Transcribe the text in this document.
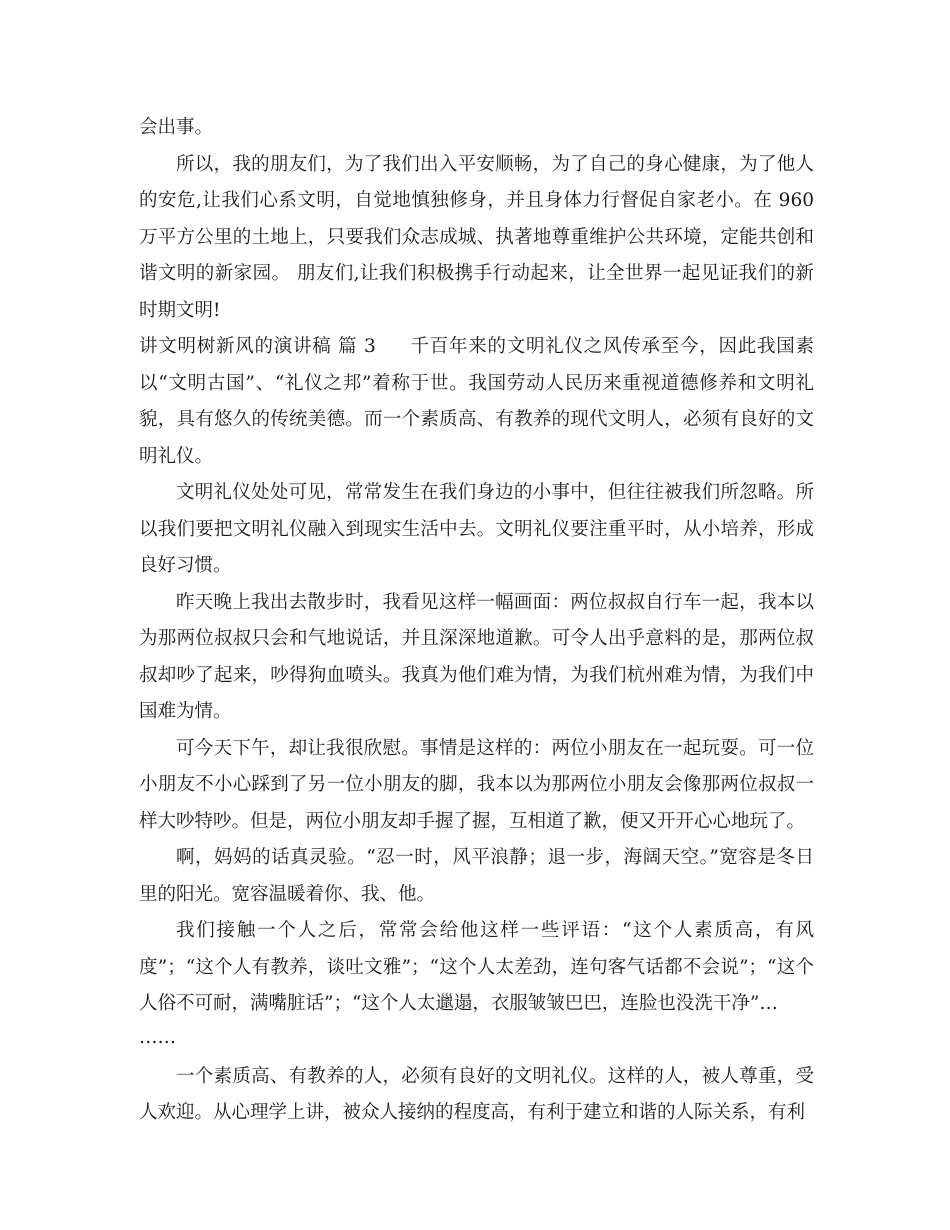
会出事。

所以，我的朋友们，为了我们出入平安顺畅，为了自己的身心健康，为了他人的安危,让我们心系文明，自觉地慎独修身，并且身体力行督促自家老小。在 960 万平方公里的土地上，只要我们众志成城、执著地尊重维护公共环境，定能共创和谐文明的新家园。 朋友们,让我们积极携手行动起来，让全世界一起见证我们的新时期文明!

讲文明树新风的演讲稿 篇 3 千百年来的文明礼仪之风传承至今，因此我国素以“文明古国”、“礼仪之邦”着称于世。我国劳动人民历来重视道德修养和文明礼貌，具有悠久的传统美德。而一个素质高、有教养的现代文明人，必须有良好的文明礼仪。

文明礼仪处处可见，常常发生在我们身边的小事中，但往往被我们所忽略。所以我们要把文明礼仪融入到现实生活中去。文明礼仪要注重平时，从小培养，形成良好习惯。

昨天晚上我出去散步时，我看见这样一幅画面：两位叔叔自行车一起，我本以为那两位叔叔只会和气地说话，并且深深地道歉。可令人出乎意料的是，那两位叔叔却吵了起来，吵得狗血喷头。我真为他们难为情，为我们杭州难为情，为我们中国难为情。

可今天下午，却让我很欣慰。事情是这样的：两位小朋友在一起玩耍。可一位小朋友不小心踩到了另一位小朋友的脚，我本以为那两位小朋友会像那两位叔叔一样大吵特吵。但是，两位小朋友却手握了握，互相道了歉，便又开开心心地玩了。

啊，妈妈的话真灵验。“忍一时，风平浪静；退一步，海阔天空。”宽容是冬日里的阳光。宽容温暖着你、我、他。

我们接触一个人之后，常常会给他这样一些评语：“这个人素质高，有风度”；“这个人有教养，谈吐文雅”；“这个人太差劲，连句客气话都不会说”；“这个人俗不可耐，满嘴脏话”；“这个人太邋遢，衣服皱皱巴巴，连脸也没洗干净”…

……

一个素质高、有教养的人，必须有良好的文明礼仪。这样的人，被人尊重，受人欢迎。从心理学上讲，被众人接纳的程度高，有利于建立和谐的人际关系，有利
